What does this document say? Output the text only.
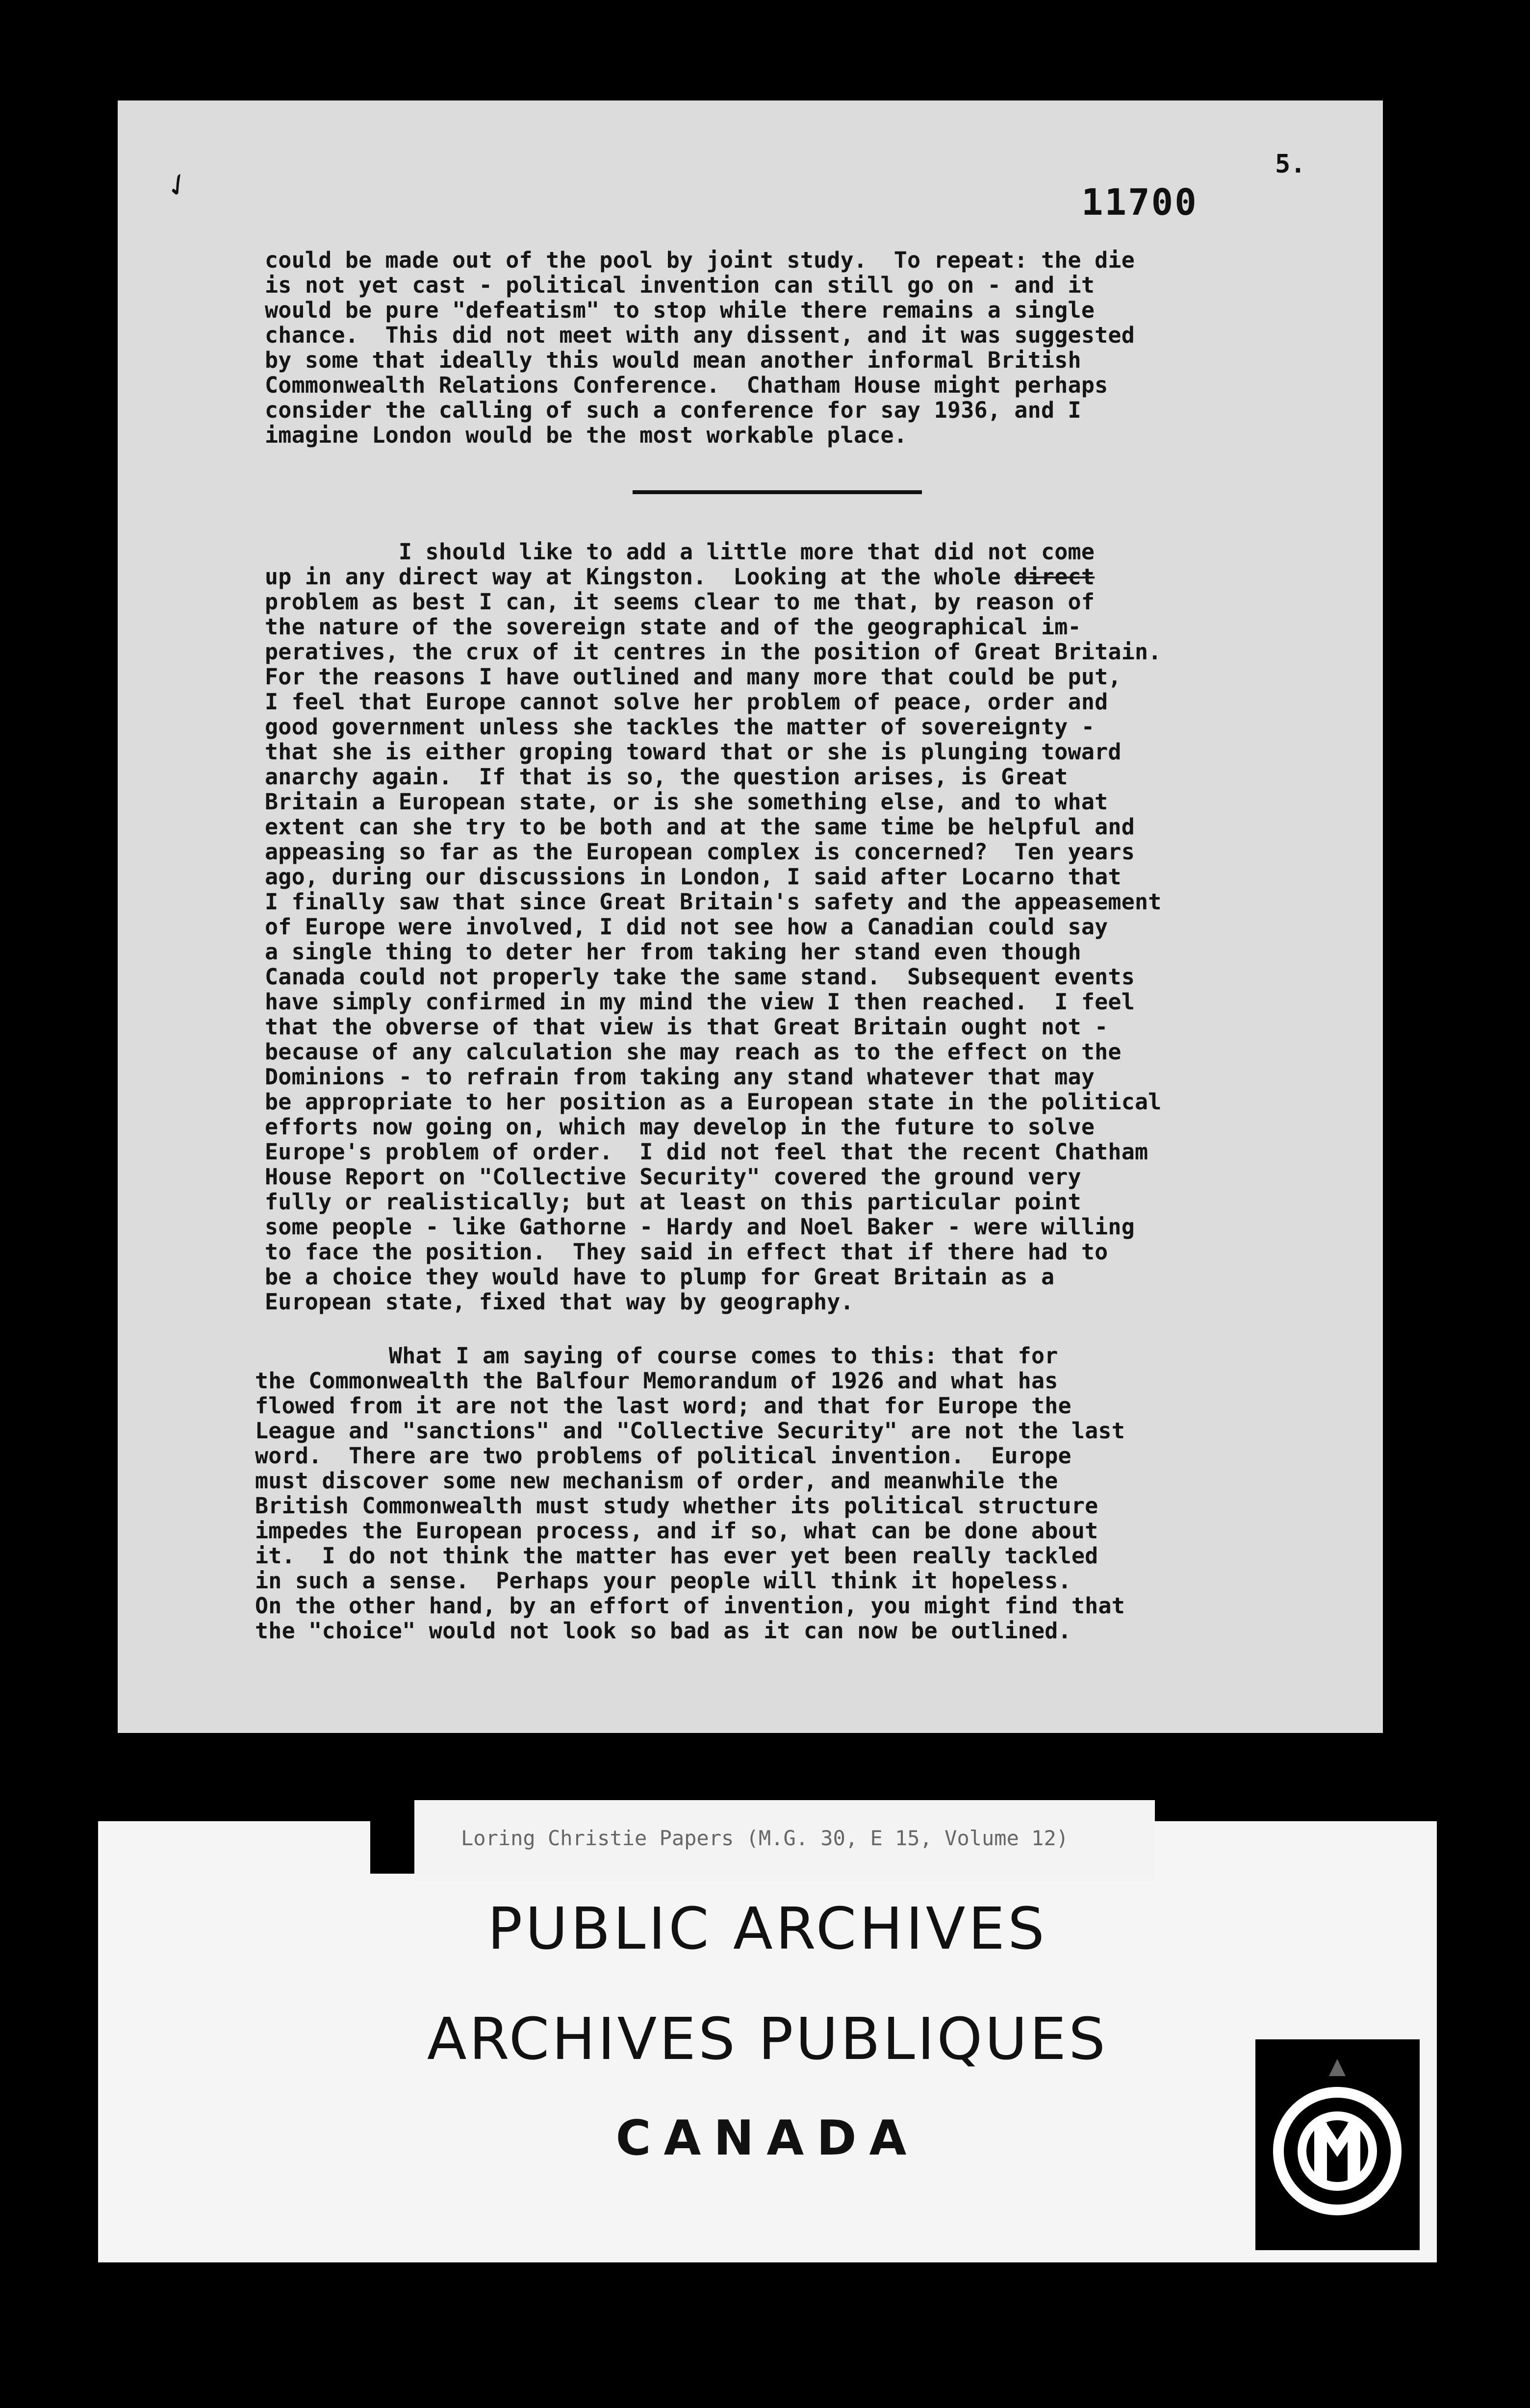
✓	5.
11700

could be made out of the pool by joint study.  To repeat: the die
is not yet cast - political invention can still go on - and it
would be pure "defeatism" to stop while there remains a single
chance.  This did not meet with any dissent, and it was suggested
by some that ideally this would mean another informal British
Commonwealth Relations Conference.  Chatham House might perhaps
consider the calling of such a conference for say 1936, and I
imagine London would be the most workable place.

I should like to add a little more that did not come
up in any direct way at Kingston.  Looking at the whole direct
problem as best I can, it seems clear to me that, by reason of
the nature of the sovereign state and of the geographical im-
peratives, the crux of it centres in the position of Great Britain.
For the reasons I have outlined and many more that could be put,
I feel that Europe cannot solve her problem of peace, order and
good government unless she tackles the matter of sovereignty -
that she is either groping toward that or she is plunging toward
anarchy again.  If that is so, the question arises, is Great
Britain a European state, or is she something else, and to what
extent can she try to be both and at the same time be helpful and
appeasing so far as the European complex is concerned?  Ten years
ago, during our discussions in London, I said after Locarno that
I finally saw that since Great Britain's safety and the appeasement
of Europe were involved, I did not see how a Canadian could say
a single thing to deter her from taking her stand even though
Canada could not properly take the same stand.  Subsequent events
have simply confirmed in my mind the view I then reached.  I feel
that the obverse of that view is that Great Britain ought not -
because of any calculation she may reach as to the effect on the
Dominions - to refrain from taking any stand whatever that may
be appropriate to her position as a European state in the political
efforts now going on, which may develop in the future to solve
Europe's problem of order.  I did not feel that the recent Chatham
House Report on "Collective Security" covered the ground very
fully or realistically; but at least on this particular point
some people - like Gathorne - Hardy and Noel Baker - were willing
to face the position.  They said in effect that if there had to
be a choice they would have to plump for Great Britain as a
European state, fixed that way by geography.

What I am saying of course comes to this: that for
the Commonwealth the Balfour Memorandum of 1926 and what has
flowed from it are not the last word; and that for Europe the
League and "sanctions" and "Collective Security" are not the last
word.  There are two problems of political invention.  Europe
must discover some new mechanism of order, and meanwhile the
British Commonwealth must study whether its political structure
impedes the European process, and if so, what can be done about
it.  I do not think the matter has ever yet been really tackled
in such a sense.  Perhaps your people will think it hopeless.
On the other hand, by an effort of invention, you might find that
the "choice" would not look so bad as it can now be outlined.

PUBLIC ARCHIVES
ARCHIVES PUBLIQUES
CANADA
Loring Christie Papers (M.G. 30, E 15, Volume 12)
